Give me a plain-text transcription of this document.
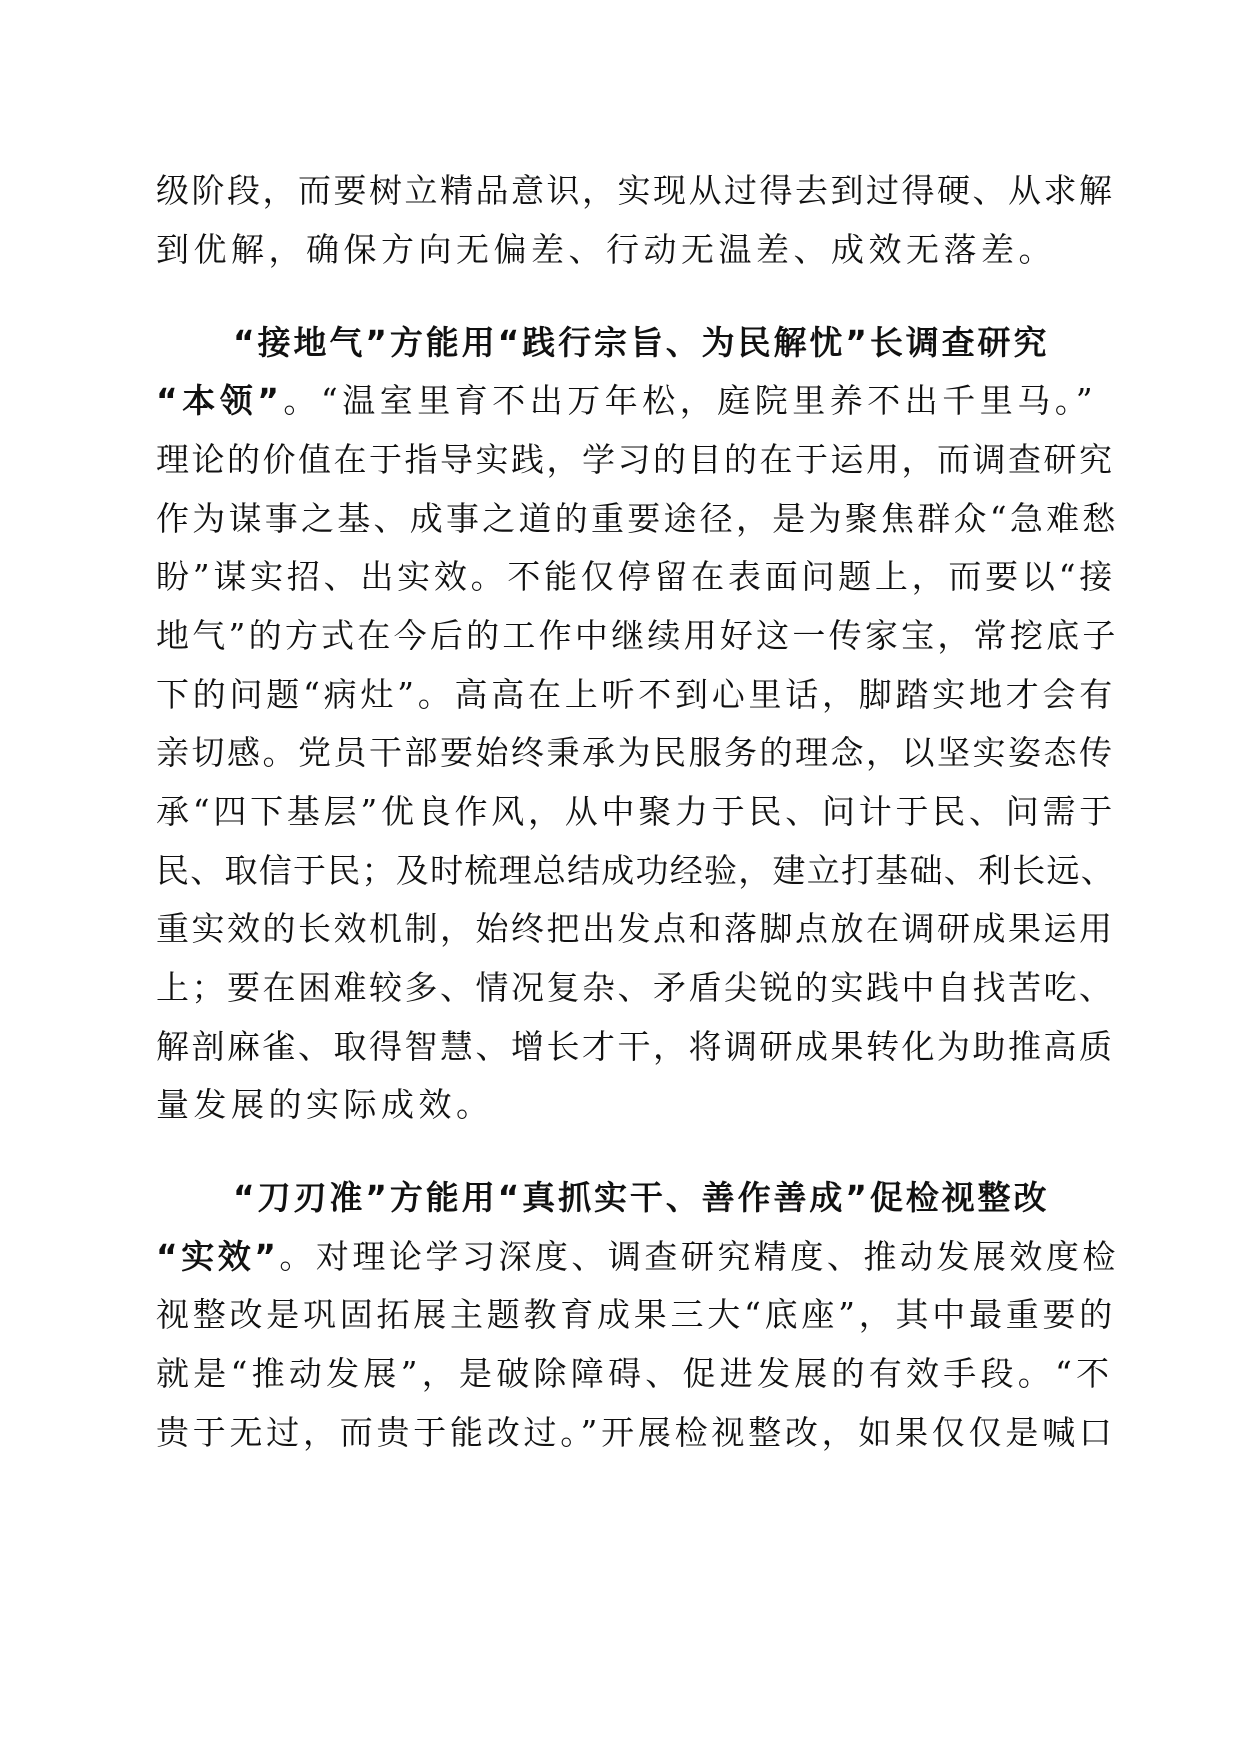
级阶段，而要树立精品意识，实现从过得去到过得硬、从求解
到优解，确保方向无偏差、行动无温差、成效无落差。
“接地气”方能用“践行宗旨、为民解忧”长调查研究
“本领”。“温室里育不出万年松，庭院里养不出千里马。”
理论的价值在于指导实践，学习的目的在于运用，而调查研究
作为谋事之基、成事之道的重要途径，是为聚焦群众“急难愁
盼”谋实招、出实效。不能仅停留在表面问题上，而要以“接
地气”的方式在今后的工作中继续用好这一传家宝，常挖底子
下的问题“病灶”。高高在上听不到心里话，脚踏实地才会有
亲切感。党员干部要始终秉承为民服务的理念，以坚实姿态传
承“四下基层”优良作风，从中聚力于民、问计于民、问需于
民、取信于民；及时梳理总结成功经验，建立打基础、利长远、
重实效的长效机制，始终把出发点和落脚点放在调研成果运用
上；要在困难较多、情况复杂、矛盾尖锐的实践中自找苦吃、
解剖麻雀、取得智慧、增长才干，将调研成果转化为助推高质
量发展的实际成效。
“刀刃准”方能用“真抓实干、善作善成”促检视整改
“实效”。对理论学习深度、调查研究精度、推动发展效度检
视整改是巩固拓展主题教育成果三大“底座”，其中最重要的
就是“推动发展”，是破除障碍、促进发展的有效手段。“不
贵于无过，而贵于能改过。”开展检视整改，如果仅仅是喊口
